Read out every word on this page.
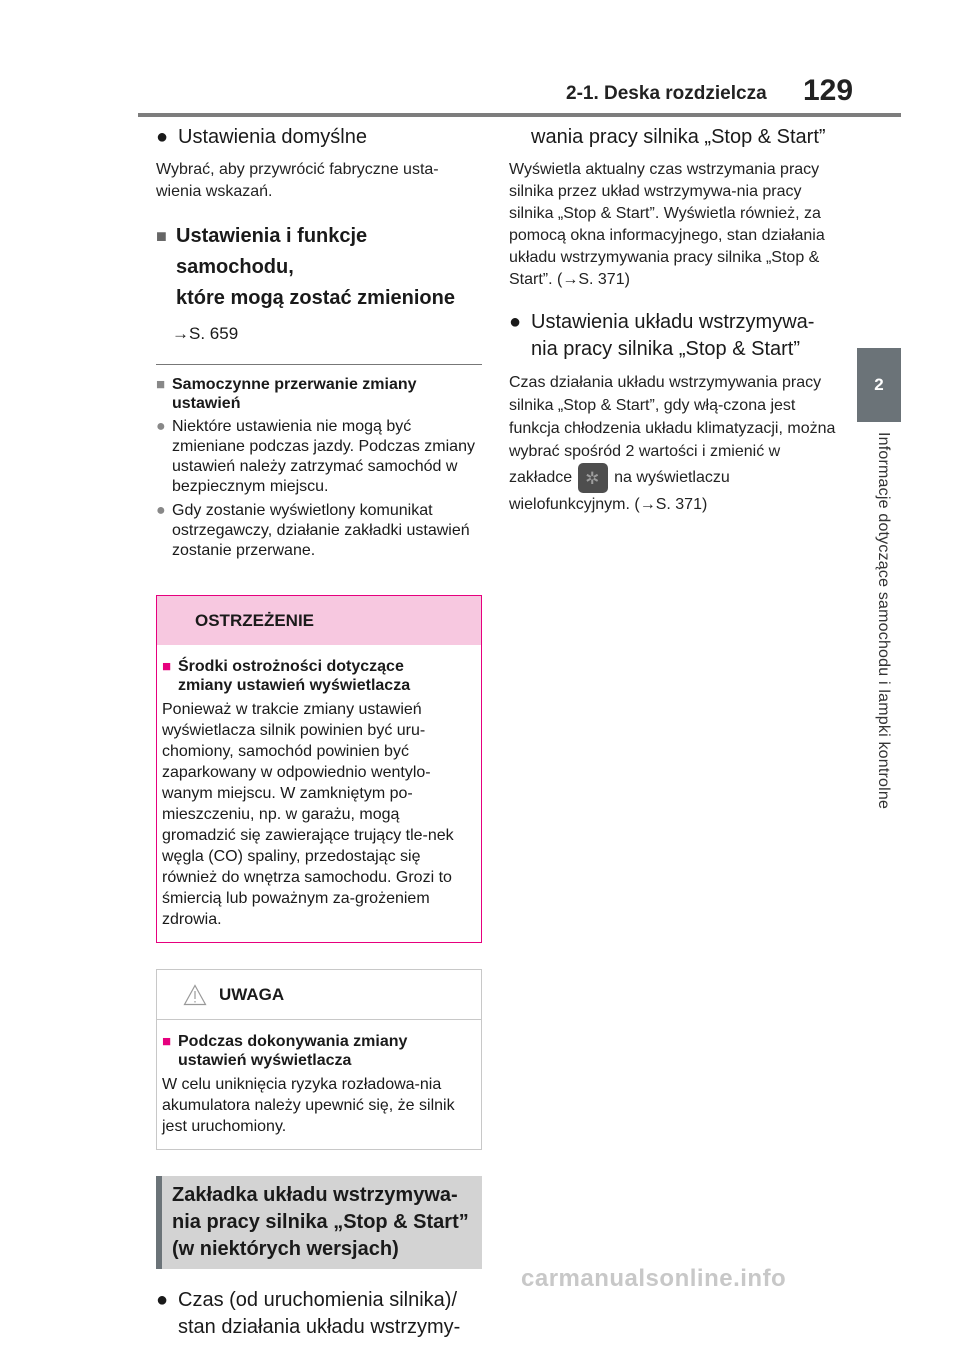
2-1. Deska rozdzielcza 129
2
Informacje dotyczące samochodu i lampki kontrolne
● Ustawienia domyślne

Wybrać, aby przywrócić fabryczne usta-wienia wskazań.

■ Ustawienia i funkcje samochodu,
które mogą zostać zmienione
→S. 659
■ Samoczynne przerwanie zmiany
ustawień
● Niektóre ustawienia nie mogą być zmieniane podczas jazdy. Podczas zmiany ustawień należy zatrzymać samochód w bezpiecznym miejscu.
● Gdy zostanie wyświetlony komunikat ostrzegawczy, działanie zakładki ustawień zostanie przerwane.
OSTRZEŻENIE
■ Środki ostrożności dotyczące
zmiany ustawień wyświetlacza
Ponieważ w trakcie zmiany ustawień wyświetlacza silnik powinien być uru-chomiony, samochód powinien być zaparkowany w odpowiednio wentylo-wanym miejscu. W zamkniętym po-mieszczeniu, np. w garażu, mogą gromadzić się zawierające trujący tle-nek węgla (CO) spaliny, przedostając się również do wnętrza samochodu. Grozi to śmiercią lub poważnym za-grożeniem zdrowia.
UWAGA
■ Podczas dokonywania zmiany
ustawień wyświetlacza
W celu uniknięcia ryzyka rozładowa-nia akumulatora należy upewnić się, że silnik jest uruchomiony.
Zakładka układu wstrzymywa-nia pracy silnika „Stop & Start” (w niektórych wersjach)
● Czas (od uruchomienia silnika)/ stan działania układu wstrzymy-
wania pracy silnika „Stop & Start”

Wyświetla aktualny czas wstrzymania pracy silnika przez układ wstrzymywa-nia pracy silnika „Stop & Start”. Wyświetla również, za pomocą okna informacyjnego, stan działania układu wstrzymywania pracy silnika „Stop & Start”. (→S. 371)

● Ustawienia układu wstrzymywa-nia pracy silnika „Stop & Start”

Czas działania układu wstrzymywania pracy silnika „Stop & Start”, gdy włą-czona jest funkcja chłodzenia układu klimatyzacji, można wybrać spośród 2 wartości i zmienić w zakładce✲	na wyświetlaczu wielofunkcyjnym. (→S. 371)

carmanualsonline.info
